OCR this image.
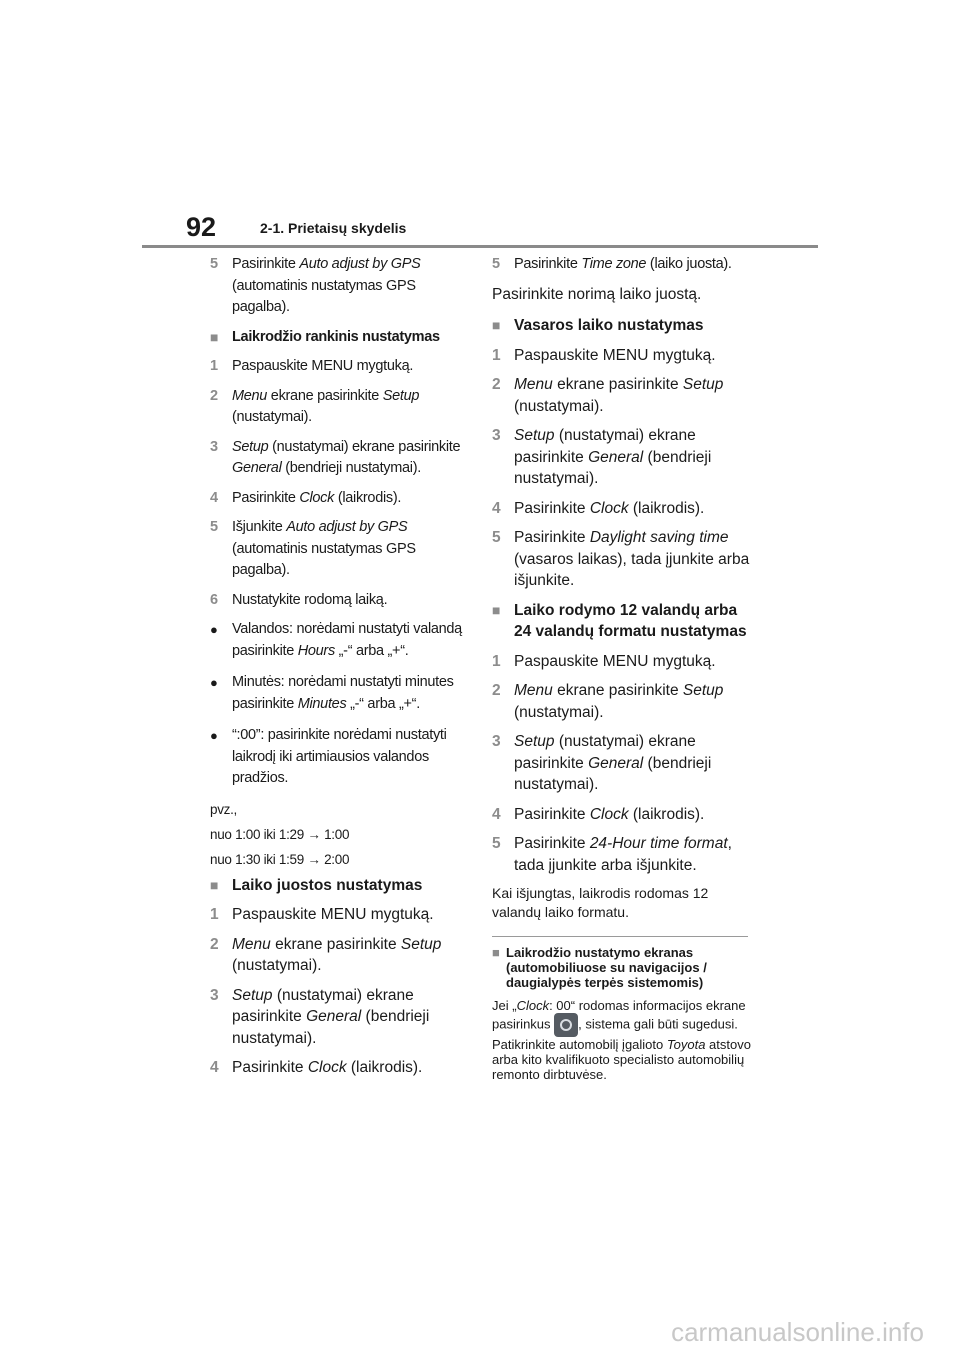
92	2-1. Prietaisų skydelis
5 Pasirinkite Auto adjust by GPS (automatinis nustatymas GPS pagalba).
■ Laikrodžio rankinis nustatymas
1 Paspauskite MENU mygtuką.
2 Menu ekrane pasirinkite Setup (nustatymai).
3 Setup (nustatymai) ekrane pasirinkite General (bendrieji nustatymai).
4 Pasirinkite Clock (laikrodis).
5 Išjunkite Auto adjust by GPS (automatinis nustatymas GPS pagalba).
6 Nustatykite rodomą laiką.
● Valandos: norėdami nustatyti valandą pasirinkite Hours „-“ arba „+“.
● Minutės: norėdami nustatyti minutes pasirinkite Minutes „-“ arba „+“.
● “:00”: pasirinkite norėdami nustatyti laikrodį iki artimiausios valandos pradžios.

pvz.,

nuo 1:00 iki 1:29 → 1:00

nuo 1:30 iki 1:59 → 2:00

■ Laiko juostos nustatymas
1 Paspauskite MENU mygtuką.
2 Menu ekrane pasirinkite Setup (nustatymai).
3 Setup (nustatymai) ekrane pasirinkite General (bendrieji nustatymai).
4 Pasirinkite Clock (laikrodis).
5 Pasirinkite Time zone (laiko juosta).

Pasirinkite norimą laiko juostą.

■ Vasaros laiko nustatymas
1 Paspauskite MENU mygtuką.
2 Menu ekrane pasirinkite Setup (nustatymai).
3 Setup (nustatymai) ekrane pasirinkite General (bendrieji nustatymai).
4 Pasirinkite Clock (laikrodis).
5 Pasirinkite Daylight saving time (vasaros laikas), tada įjunkite arba išjunkite.
■ Laiko rodymo 12 valandų arba 24 valandų formatu nustatymas
1 Paspauskite MENU mygtuką.
2 Menu ekrane pasirinkite Setup (nustatymai).
3 Setup (nustatymai) ekrane pasirinkite General (bendrieji nustatymai).
4 Pasirinkite Clock (laikrodis).
5 Pasirinkite 24-Hour time format, tada įjunkite arba išjunkite.

Kai išjungtas, laikrodis rodomas 12 valandų laiko formatu.

■ Laikrodžio nustatymo ekranas (automobiliuose su navigacijos / daugialypės terpės sistemomis)

Jei „Clock: 00“ rodomas informacijos ekrane pasirinkus , sistema gali būti sugedusi. Patikrinkite automobilį įgalioto Toyota atstovo arba kito kvalifikuoto specialisto automobilių remonto dirbtuvėse.

carmanualsonline.info
